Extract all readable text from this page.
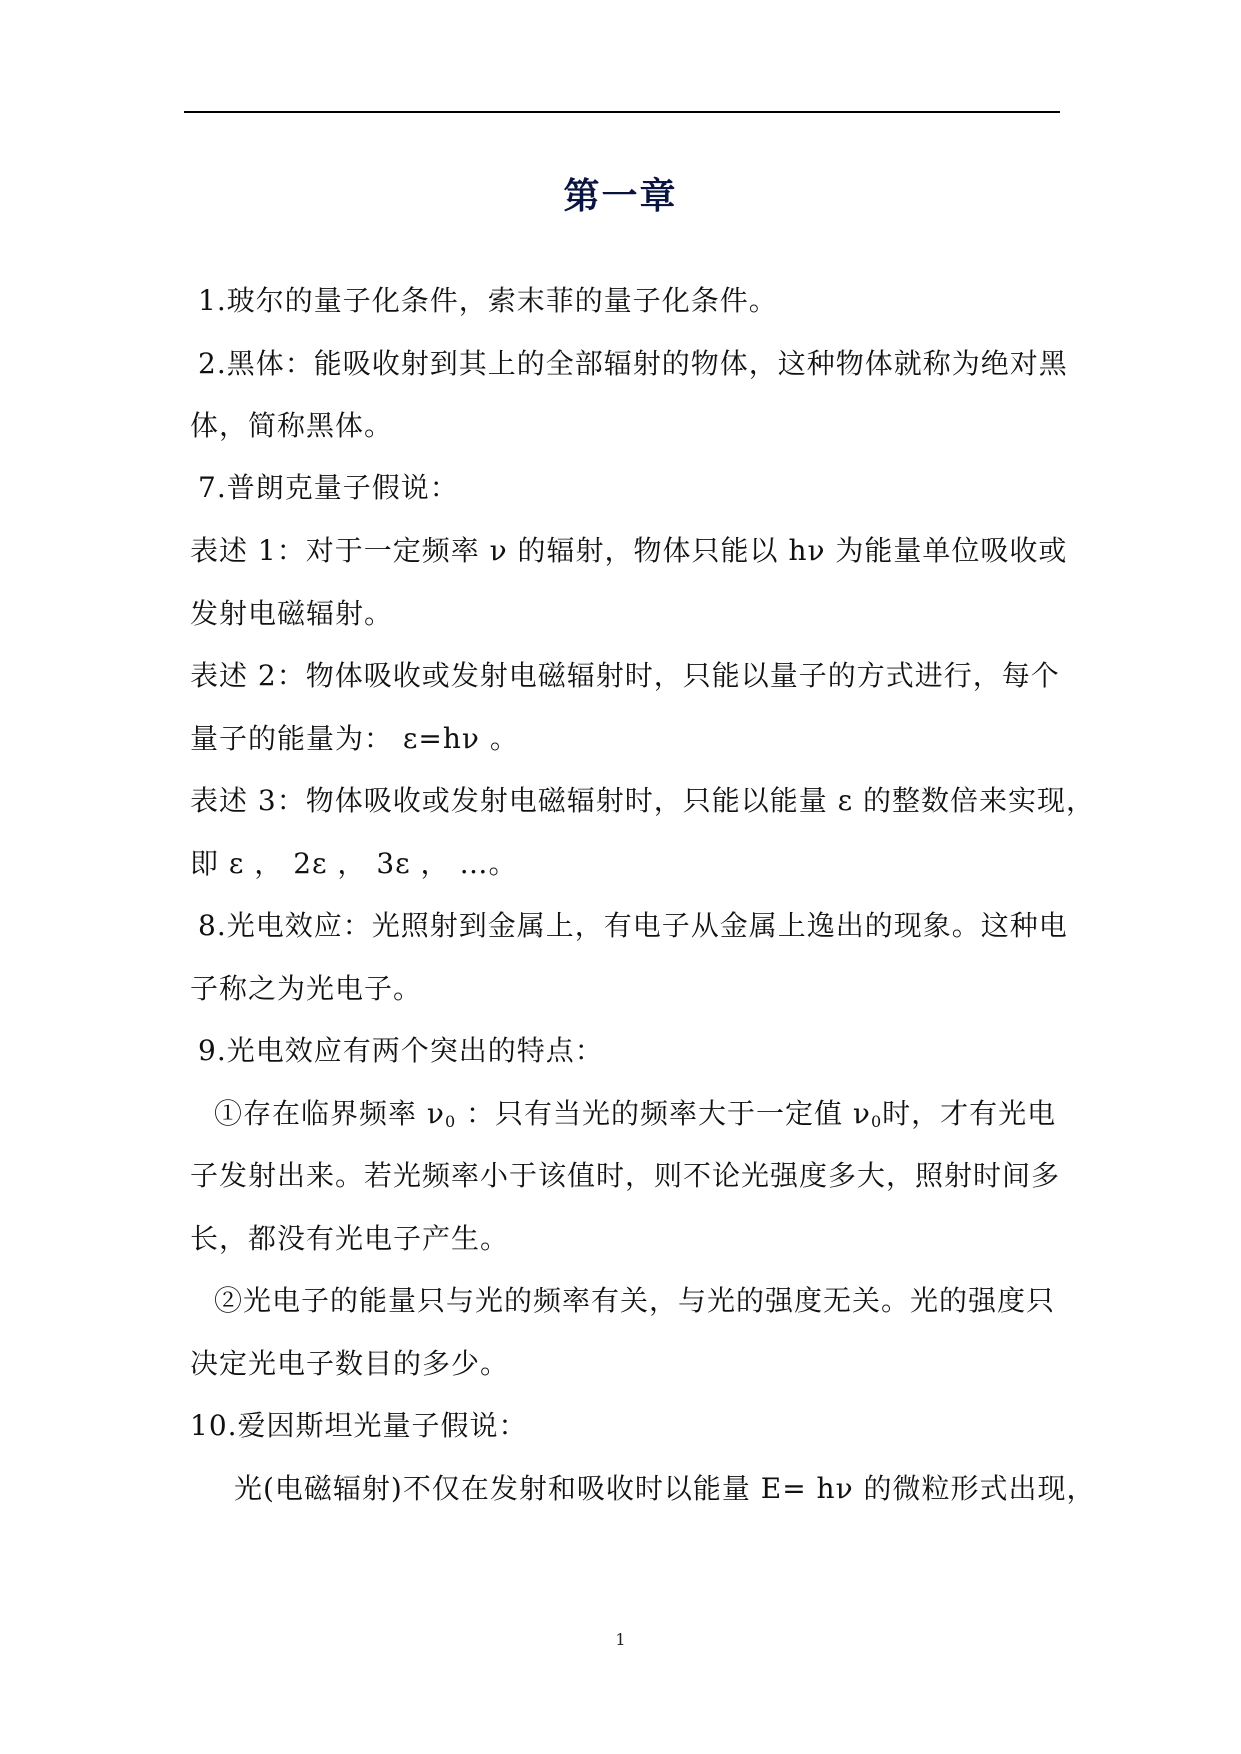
第一章
1.玻尔的量子化条件，索末菲的量子化条件。
2.黑体：能吸收射到其上的全部辐射的物体，这种物体就称为绝对黑
体，简称黑体。
7.普朗克量子假说：
表述 1：对于一定频率 ν 的辐射，物体只能以 hν 为能量单位吸收或
发射电磁辐射。
表述 2：物体吸收或发射电磁辐射时，只能以量子的方式进行，每个
量子的能量为： ε=hν 。
表述 3：物体吸收或发射电磁辐射时，只能以能量 ε 的整数倍来实现，
即 ε ， 2ε ， 3ε ， …。
8.光电效应：光照射到金属上，有电子从金属上逸出的现象。这种电
子称之为光电子。
9.光电效应有两个突出的特点：
①存在临界频率 $\nu_0$ ：只有当光的频率大于一定值 $\nu_0$时，才有光电
子发射出来。若光频率小于该值时，则不论光强度多大，照射时间多
长，都没有光电子产生。
②光电子的能量只与光的频率有关，与光的强度无关。光的强度只
决定光电子数目的多少。
10.爱因斯坦光量子假说：
光(电磁辐射)不仅在发射和吸收时以能量 E= hν 的微粒形式出现，
1
